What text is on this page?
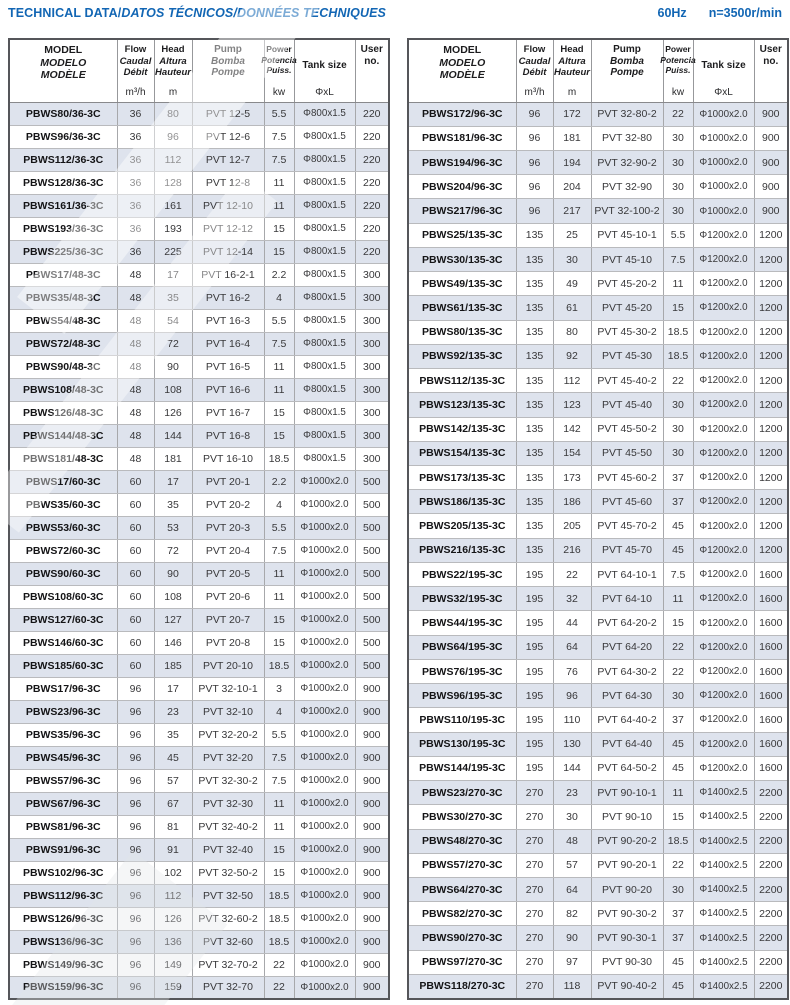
TECHNICAL DATA/DATOS TÉCNICOS/DONNÉES TECHNIQUES	60Hz n=3500r/min
MODEL
MODELO
MODÈLE

Flow
Caudal
Débit
m³/h

Head
Altura
Hauteur
m

Pump
Bomba
Pompe

Power
Potencia
Puiss.
kw

Tank size
ΦxL

User
no.

PBWS80/36-3C	36	80	PVT 12-5	5.5	Φ800x1.5	220
PBWS96/36-3C	36	96	PVT 12-6	7.5	Φ800x1.5	220
PBWS112/36-3C	36	112	PVT 12-7	7.5	Φ800x1.5	220
PBWS128/36-3C	36	128	PVT 12-8	11	Φ800x1.5	220
PBWS161/36-3C	36	161	PVT 12-10	11	Φ800x1.5	220
PBWS193/36-3C	36	193	PVT 12-12	15	Φ800x1.5	220
PBWS225/36-3C	36	225	PVT 12-14	15	Φ800x1.5	220
PBWS17/48-3C	48	17	PVT 16-2-1	2.2	Φ800x1.5	300
PBWS35/48-3C	48	35	PVT 16-2	4	Φ800x1.5	300
PBWS54/48-3C	48	54	PVT 16-3	5.5	Φ800x1.5	300
PBWS72/48-3C	48	72	PVT 16-4	7.5	Φ800x1.5	300
PBWS90/48-3C	48	90	PVT 16-5	11	Φ800x1.5	300
PBWS108/48-3C	48	108	PVT 16-6	11	Φ800x1.5	300
PBWS126/48-3C	48	126	PVT 16-7	15	Φ800x1.5	300
PBWS144/48-3C	48	144	PVT 16-8	15	Φ800x1.5	300
PBWS181/48-3C	48	181	PVT 16-10	18.5	Φ800x1.5	300
PBWS17/60-3C	60	17	PVT 20-1	2.2	Φ1000x2.0	500
PBWS35/60-3C	60	35	PVT 20-2	4	Φ1000x2.0	500
PBWS53/60-3C	60	53	PVT 20-3	5.5	Φ1000x2.0	500
PBWS72/60-3C	60	72	PVT 20-4	7.5	Φ1000x2.0	500
PBWS90/60-3C	60	90	PVT 20-5	11	Φ1000x2.0	500
PBWS108/60-3C	60	108	PVT 20-6	11	Φ1000x2.0	500
PBWS127/60-3C	60	127	PVT 20-7	15	Φ1000x2.0	500
PBWS146/60-3C	60	146	PVT 20-8	15	Φ1000x2.0	500
PBWS185/60-3C	60	185	PVT 20-10	18.5	Φ1000x2.0	500
PBWS17/96-3C	96	17	PVT 32-10-1	3	Φ1000x2.0	900
PBWS23/96-3C	96	23	PVT 32-10	4	Φ1000x2.0	900
PBWS35/96-3C	96	35	PVT 32-20-2	5.5	Φ1000x2.0	900
PBWS45/96-3C	96	45	PVT 32-20	7.5	Φ1000x2.0	900
PBWS57/96-3C	96	57	PVT 32-30-2	7.5	Φ1000x2.0	900
PBWS67/96-3C	96	67	PVT 32-30	11	Φ1000x2.0	900
PBWS81/96-3C	96	81	PVT 32-40-2	11	Φ1000x2.0	900
PBWS91/96-3C	96	91	PVT 32-40	15	Φ1000x2.0	900
PBWS102/96-3C	96	102	PVT 32-50-2	15	Φ1000x2.0	900
PBWS112/96-3C	96	112	PVT 32-50	18.5	Φ1000x2.0	900
PBWS126/96-3C	96	126	PVT 32-60-2	18.5	Φ1000x2.0	900
PBWS136/96-3C	96	136	PVT 32-60	18.5	Φ1000x2.0	900
PBWS149/96-3C	96	149	PVT 32-70-2	22	Φ1000x2.0	900
PBWS159/96-3C	96	159	PVT 32-70	22	Φ1000x2.0	900
MODEL
MODELO
MODÈLE

Flow
Caudal
Débit
m³/h

Head
Altura
Hauteur
m

Pump
Bomba
Pompe

Power
Potencia
Puiss.
kw

Tank size
ΦxL

User
no.

PBWS172/96-3C	96	172	PVT 32-80-2	22	Φ1000x2.0	900
PBWS181/96-3C	96	181	PVT 32-80	30	Φ1000x2.0	900
PBWS194/96-3C	96	194	PVT 32-90-2	30	Φ1000x2.0	900
PBWS204/96-3C	96	204	PVT 32-90	30	Φ1000x2.0	900
PBWS217/96-3C	96	217	PVT 32-100-2	30	Φ1000x2.0	900
PBWS25/135-3C	135	25	PVT 45-10-1	5.5	Φ1200x2.0	1200
PBWS30/135-3C	135	30	PVT 45-10	7.5	Φ1200x2.0	1200
PBWS49/135-3C	135	49	PVT 45-20-2	11	Φ1200x2.0	1200
PBWS61/135-3C	135	61	PVT 45-20	15	Φ1200x2.0	1200
PBWS80/135-3C	135	80	PVT 45-30-2	18.5	Φ1200x2.0	1200
PBWS92/135-3C	135	92	PVT 45-30	18.5	Φ1200x2.0	1200
PBWS112/135-3C	135	112	PVT 45-40-2	22	Φ1200x2.0	1200
PBWS123/135-3C	135	123	PVT 45-40	30	Φ1200x2.0	1200
PBWS142/135-3C	135	142	PVT 45-50-2	30	Φ1200x2.0	1200
PBWS154/135-3C	135	154	PVT 45-50	30	Φ1200x2.0	1200
PBWS173/135-3C	135	173	PVT 45-60-2	37	Φ1200x2.0	1200
PBWS186/135-3C	135	186	PVT 45-60	37	Φ1200x2.0	1200
PBWS205/135-3C	135	205	PVT 45-70-2	45	Φ1200x2.0	1200
PBWS216/135-3C	135	216	PVT 45-70	45	Φ1200x2.0	1200
PBWS22/195-3C	195	22	PVT 64-10-1	7.5	Φ1200x2.0	1600
PBWS32/195-3C	195	32	PVT 64-10	11	Φ1200x2.0	1600
PBWS44/195-3C	195	44	PVT 64-20-2	15	Φ1200x2.0	1600
PBWS64/195-3C	195	64	PVT 64-20	22	Φ1200x2.0	1600
PBWS76/195-3C	195	76	PVT 64-30-2	22	Φ1200x2.0	1600
PBWS96/195-3C	195	96	PVT 64-30	30	Φ1200x2.0	1600
PBWS110/195-3C	195	110	PVT 64-40-2	37	Φ1200x2.0	1600
PBWS130/195-3C	195	130	PVT 64-40	45	Φ1200x2.0	1600
PBWS144/195-3C	195	144	PVT 64-50-2	45	Φ1200x2.0	1600
PBWS23/270-3C	270	23	PVT 90-10-1	11	Φ1400x2.5	2200
PBWS30/270-3C	270	30	PVT 90-10	15	Φ1400x2.5	2200
PBWS48/270-3C	270	48	PVT 90-20-2	18.5	Φ1400x2.5	2200
PBWS57/270-3C	270	57	PVT 90-20-1	22	Φ1400x2.5	2200
PBWS64/270-3C	270	64	PVT 90-20	30	Φ1400x2.5	2200
PBWS82/270-3C	270	82	PVT 90-30-2	37	Φ1400x2.5	2200
PBWS90/270-3C	270	90	PVT 90-30-1	37	Φ1400x2.5	2200
PBWS97/270-3C	270	97	PVT 90-30	45	Φ1400x2.5	2200
PBWS118/270-3C	270	118	PVT 90-40-2	45	Φ1400x2.5	2200
